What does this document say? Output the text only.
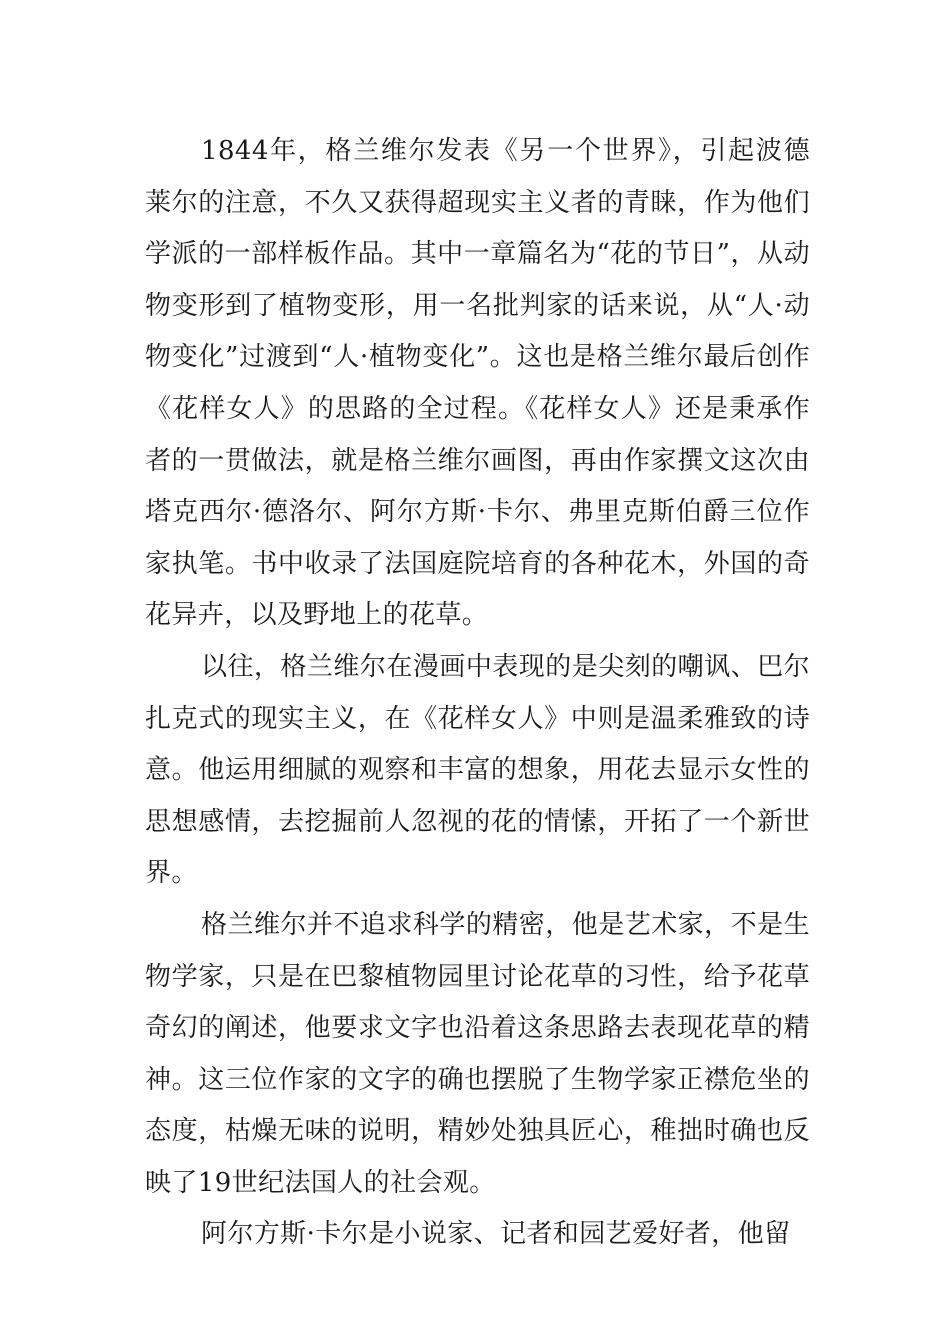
1844年，格兰维尔发表《另一个世界》，引起波德莱尔的注意，不久又获得超现实主义者的青睐，作为他们学派的一部样板作品。其中一章篇名为“花的节日”，从动物变形到了植物变形，用一名批判家的话来说，从“人·动物变化”过渡到“人·植物变化”。这也是格兰维尔最后创作《花样女人》的思路的全过程。《花样女人》还是秉承作者的一贯做法，就是格兰维尔画图，再由作家撰文这次由塔克西尔·德洛尔、阿尔方斯·卡尔、弗里克斯伯爵三位作家执笔。书中收录了法国庭院培育的各种花木，外国的奇花异卉，以及野地上的花草。

以往，格兰维尔在漫画中表现的是尖刻的嘲讽、巴尔扎克式的现实主义，在《花样女人》中则是温柔雅致的诗意。他运用细腻的观察和丰富的想象，用花去显示女性的思想感情，去挖掘前人忽视的花的情愫，开拓了一个新世界。

格兰维尔并不追求科学的精密，他是艺术家，不是生物学家，只是在巴黎植物园里讨论花草的习性，给予花草奇幻的阐述，他要求文字也沿着这条思路去表现花草的精神。这三位作家的文字的确也摆脱了生物学家正襟危坐的态度，枯燥无味的说明，精妙处独具匠心，稚拙时确也反映了19世纪法国人的社会观。

阿尔方斯·卡尔是小说家、记者和园艺爱好者，他留
